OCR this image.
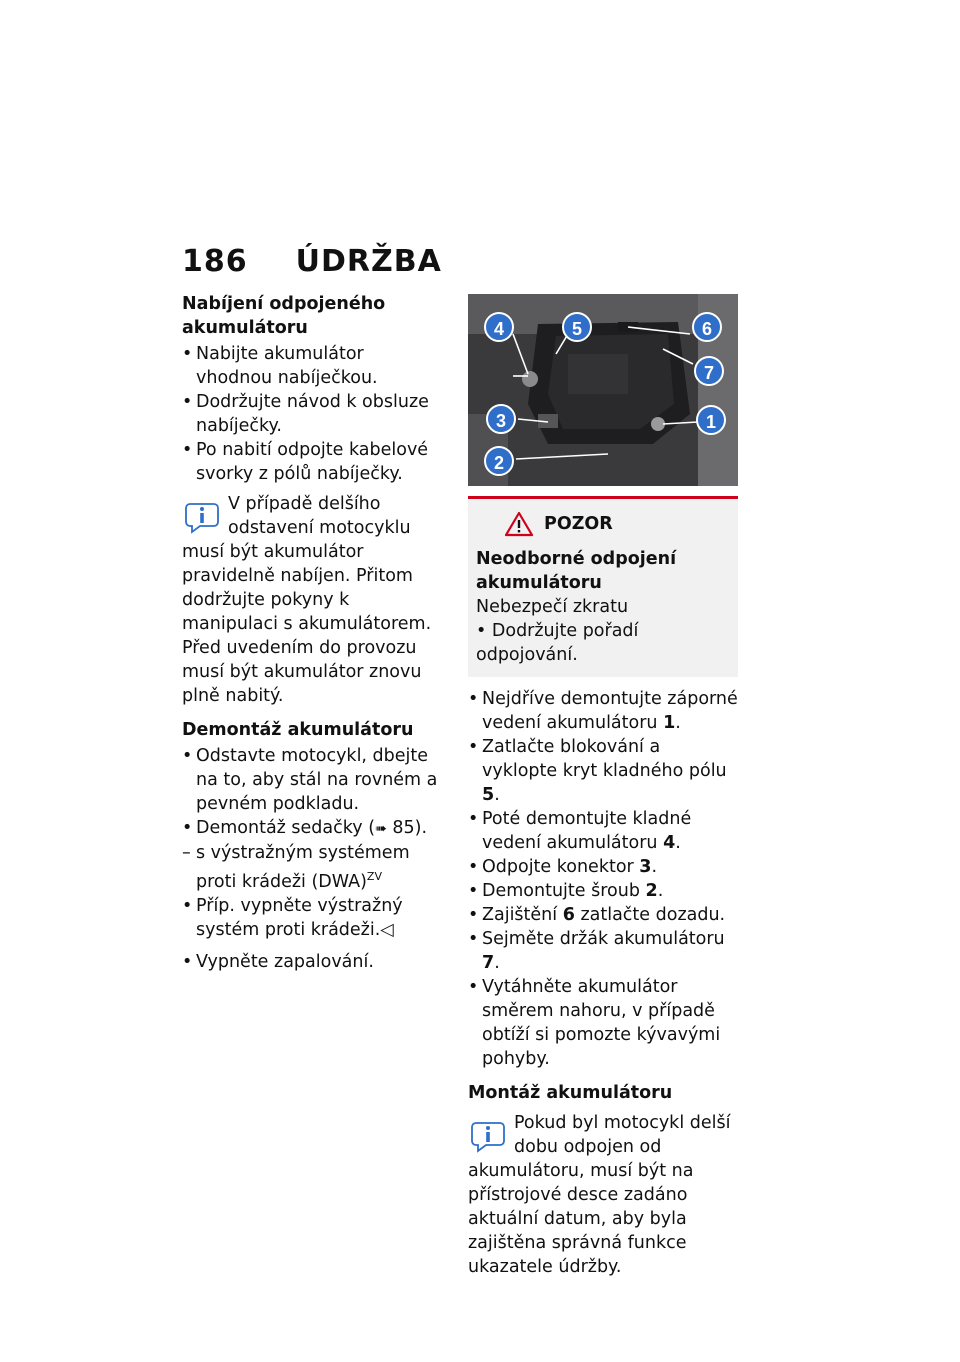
186 ÚDRŽBA
Nabíjení odpojeného akumulátoru

• Nabijte akumulátor vhodnou nabíječkou.

• Dodržujte návod k obsluze nabíječky.

• Po nabití odpojte kabelové svorky z pólů nabíječky.

V případě delšího odstavení motocyklu musí být akumulátor pravidelně nabíjen. Přitom dodržujte pokyny k manipulaci s akumulátorem. Před uvedením do provozu musí být akumulátor znovu plně nabitý.

Demontáž akumulátoru

• Odstavte motocykl, dbejte na to, aby stál na rovném a pevném podkladu.

• Demontáž sedačky (➠ 85).

– s výstražným systémem proti krádeži (DWA)$^{ZV}$

• Příp. vypněte výstražný systém proti krádeži.◁

• Vypněte zapalování.

1
2
3
4	5	6
7
POZOR
Neodborné odpojení akumulátoru

Nebezpečí zkratu

• Dodržujte pořadí odpojování.

• Nejdříve demontujte záporné vedení akumulátoru 1.

• Zatlačte blokování a vyklopte kryt kladného pólu 5.

• Poté demontujte kladné vedení akumulátoru 4.

• Odpojte konektor 3.

• Demontujte šroub 2.

• Zajištění 6 zatlačte dozadu.

• Sejměte držák akumulátoru 7.

• Vytáhněte akumulátor směrem nahoru, v případě obtíží si pomozte kývavými pohyby.

Montáž akumulátoru

Pokud byl motocykl delší dobu odpojen od akumulátoru, musí být na přístrojové desce zadáno aktuální datum, aby byla zajištěna správná funkce ukazatele údržby.
